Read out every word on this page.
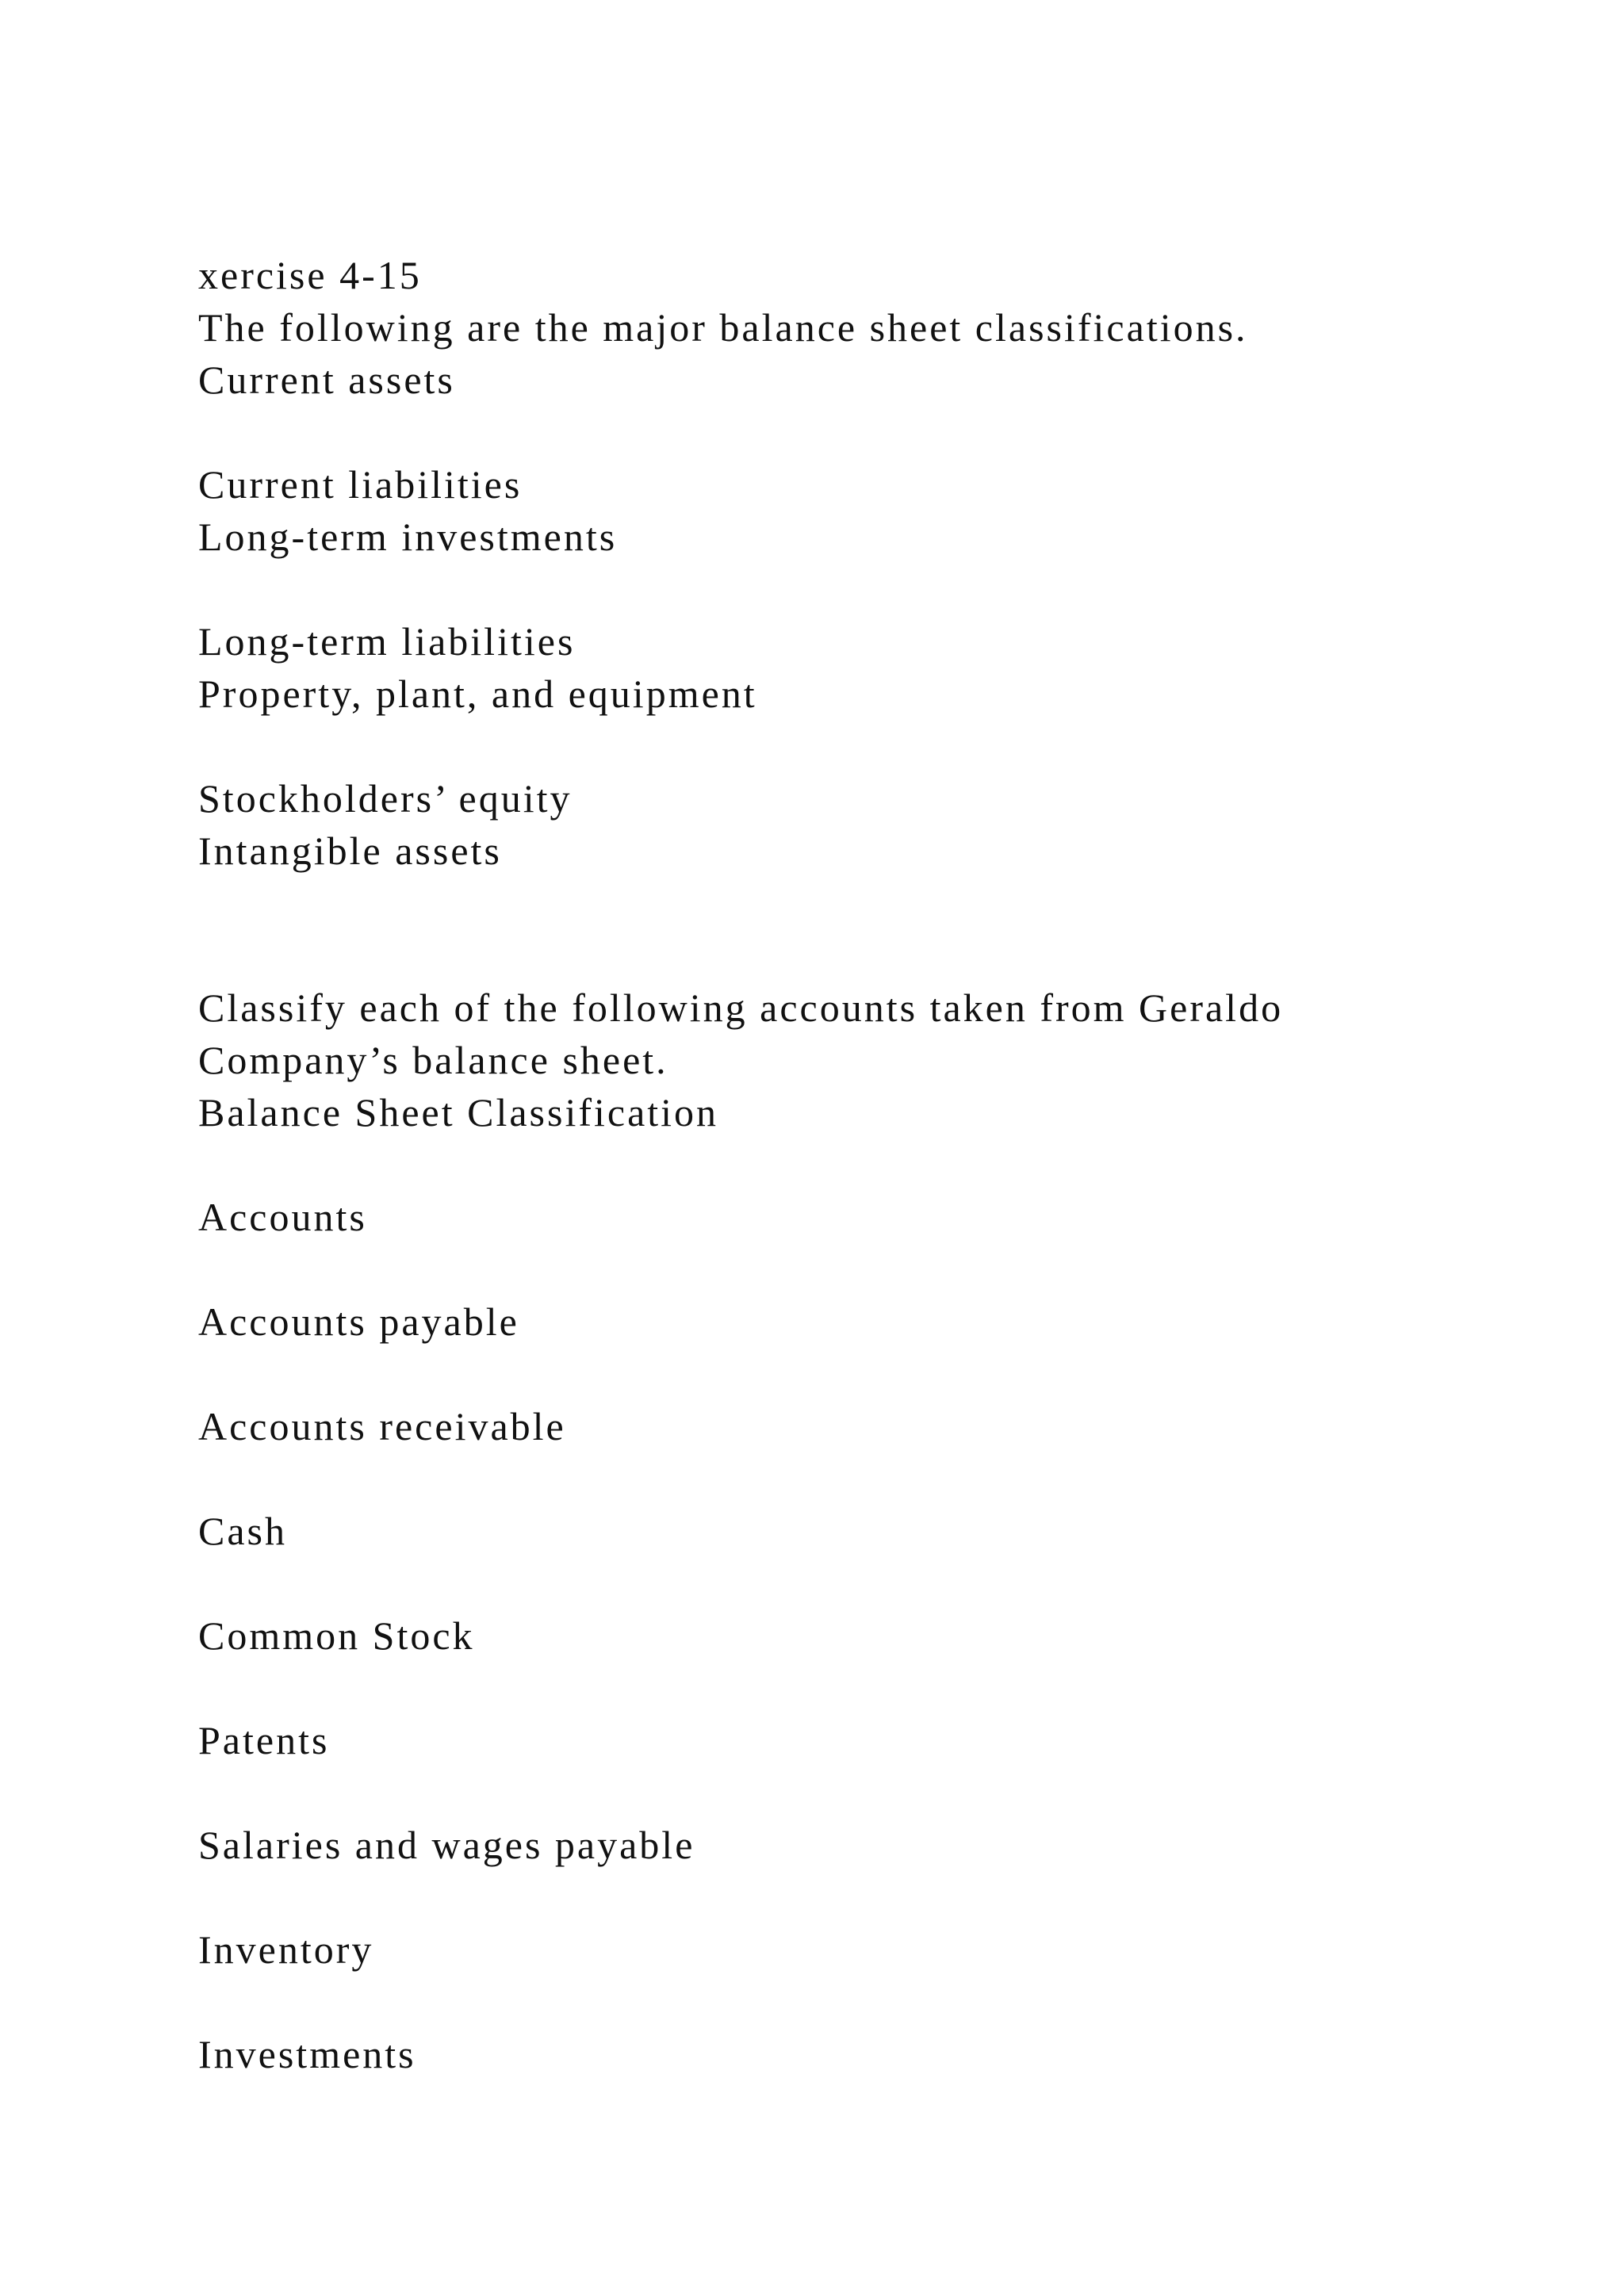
xercise 4-15
The following are the major balance sheet classifications.
Current assets
Current liabilities
Long-term investments
Long-term liabilities
Property, plant, and equipment
Stockholders’ equity
Intangible assets
Classify each of the following accounts taken from Geraldo
Company’s balance sheet.
Balance Sheet Classification
Accounts
Accounts payable
Accounts receivable
Cash
Common Stock
Patents
Salaries and wages payable
Inventory
Investments
